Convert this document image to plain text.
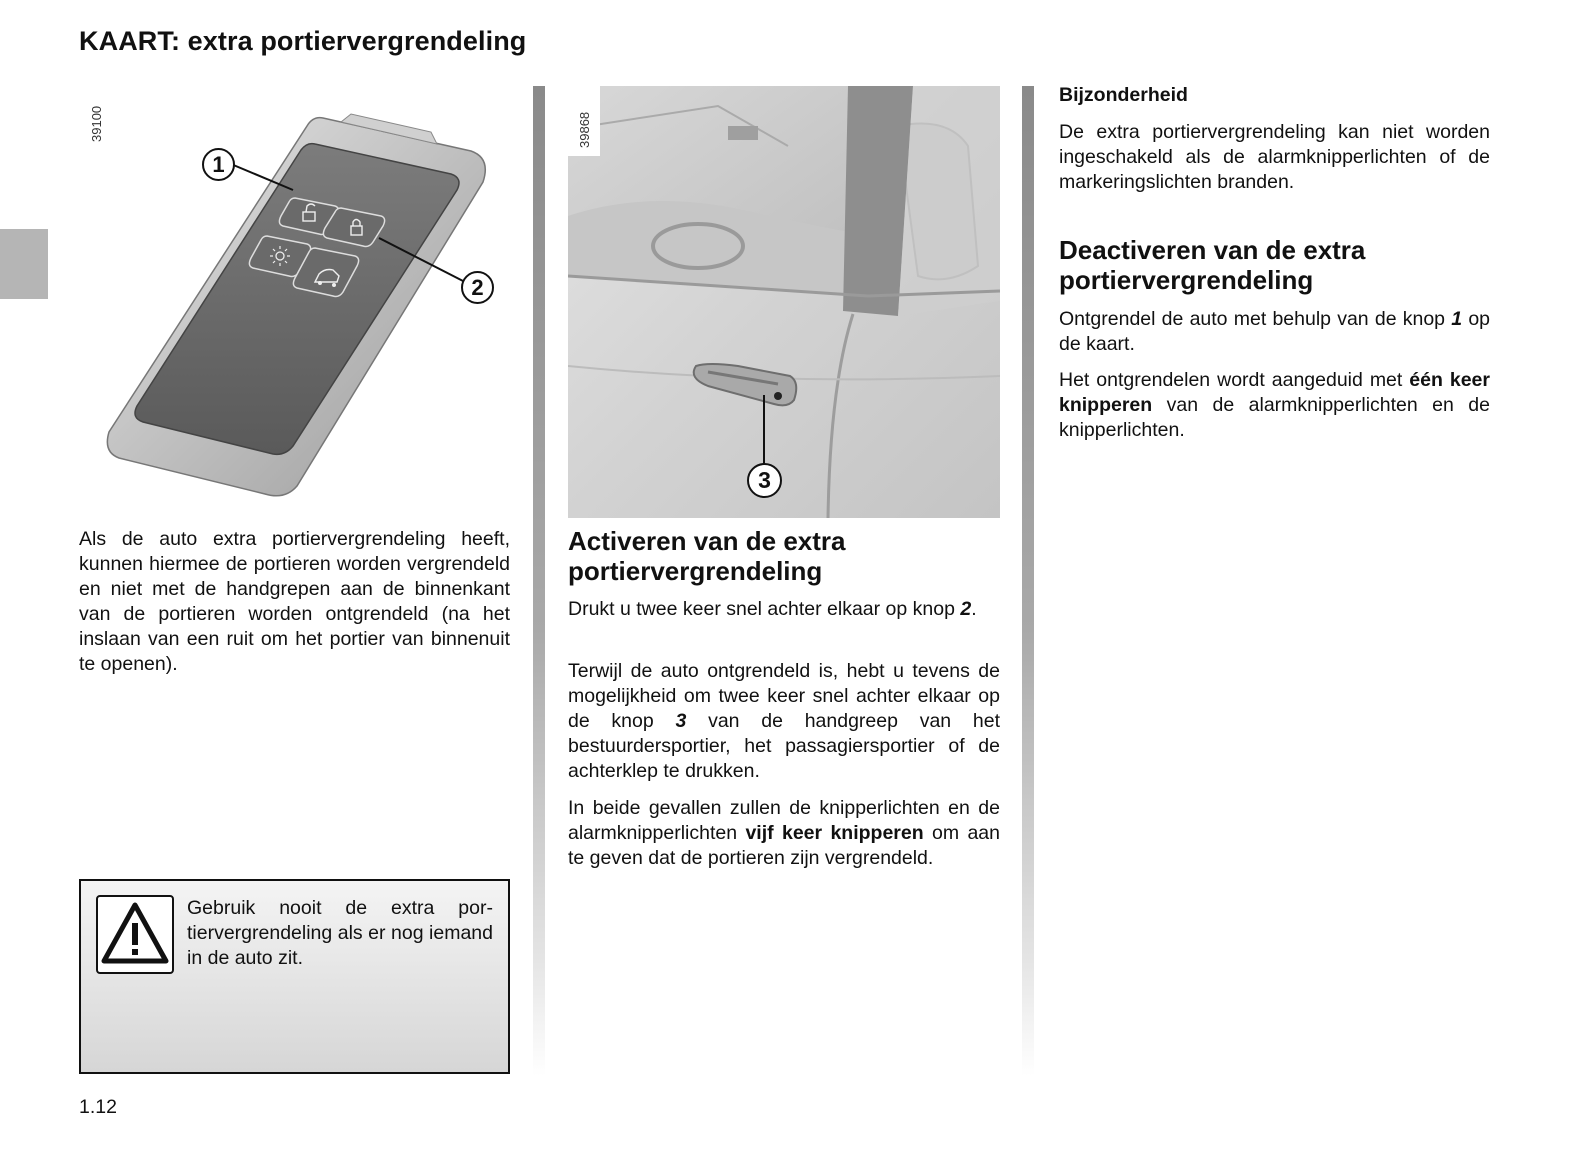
KAART: extra portiervergrendeling
39100
1
2
Als de auto extra portiervergrendeling heeft, kunnen hiermee de portieren worden vergrendeld en niet met de handgrepen aan de binnenkant van de portieren worden ontgrendeld (na het inslaan van een ruit om het portier van binnenuit te openen).
Gebruik nooit de extra portiervergrendeling als er nog iemand in de auto zit.
1.12
3
39868
Activeren van de extra portiervergrendeling
Drukt u twee keer snel achter elkaar op knop 2.
Terwijl de auto ontgrendeld is, hebt u tevens de mogelijkheid om twee keer snel achter elkaar op de knop 3 van de handgreep van het bestuurdersportier, het passagiersportier of de achterklep te drukken.
In beide gevallen zullen de knipperlichten en de alarmknipperlichten vijf keer knipperen om aan te geven dat de portieren zijn vergrendeld.
Bijzonderheid
De extra portiervergrendeling kan niet worden ingeschakeld als de alarmknipperlichten of de markeringslichten branden.
Deactiveren van de extra portiervergrendeling
Ontgrendel de auto met behulp van de knop 1 op de kaart.
Het ontgrendelen wordt aangeduid met één keer knipperen van de alarmknipperlichten en de knipperlichten.
